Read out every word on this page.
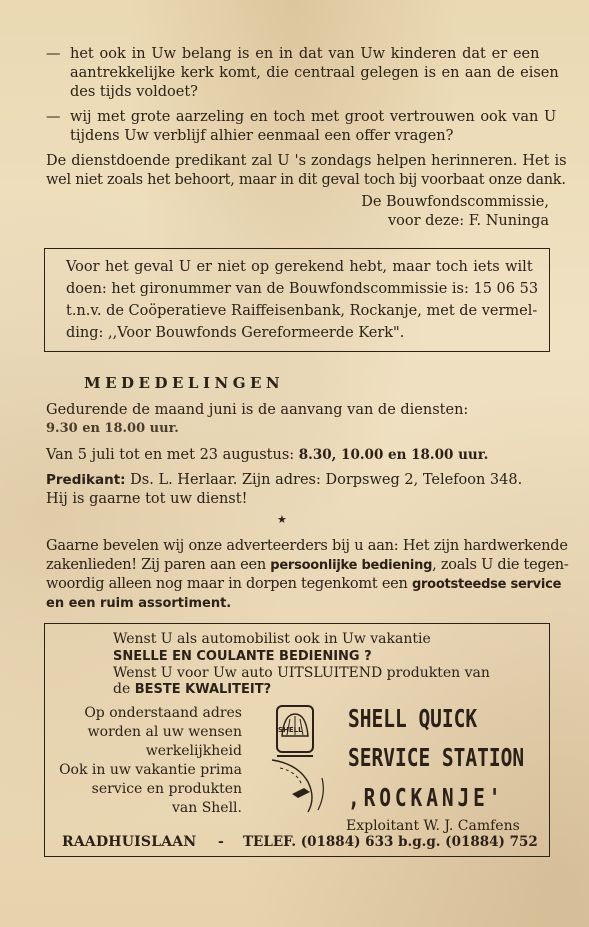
— het ook in Uw belang is en in dat van Uw kinderen dat er een
aantrekkelijke kerk komt, die centraal gelegen is en aan de eisen
des tijds voldoet?
— wij met grote aarzeling en toch met groot vertrouwen ook van U
tijdens Uw verblijf alhier eenmaal een offer vragen?
De dienstdoende predikant zal U 's zondags helpen herinneren. Het is
wel niet zoals het behoort, maar in dit geval toch bij voorbaat onze dank.
De Bouwfondscommissie,
voor deze: F. Nuninga
Voor het geval U er niet op gerekend hebt, maar toch iets wilt
doen: het gironummer van de Bouwfondscommissie is: 15 06 53
t.n.v. de Coöperatieve Raiffeisenbank, Rockanje, met de vermel-
ding: ,,Voor Bouwfonds Gereformeerde Kerk".
MEDEDELINGEN
Gedurende de maand juni is de aanvang van de diensten:
9.30 en 18.00 uur.
Van 5 juli tot en met 23 augustus: 8.30, 10.00 en 18.00 uur.
Predikant: Ds. L. Herlaar. Zijn adres: Dorpsweg 2, Telefoon 348.
Hij is gaarne tot uw dienst!
★
Gaarne bevelen wij onze adverteerders bij u aan: Het zijn hardwerkende
zakenlieden! Zij paren aan een persoonlijke bediening, zoals U die tegen-
woordig alleen nog maar in dorpen tegenkomt een grootsteedse service
en een ruim assortiment.
Wenst U als automobilist ook in Uw vakantie
SNELLE EN COULANTE BEDIENING ?
Wenst U voor Uw auto UITSLUITEND produkten van
de BESTE KWALITEIT?
Op onderstaand adres
worden al uw wensen
werkelijkheid
Ook in uw vakantie prima
service en produkten
van Shell.
SHELL SHELL QUICK
SERVICE STATION
‚ROCKANJE'
Exploitant W. J. Camfens
RAADHUISLAAN - TELEF. (01884) 633 b.g.g. (01884) 752
